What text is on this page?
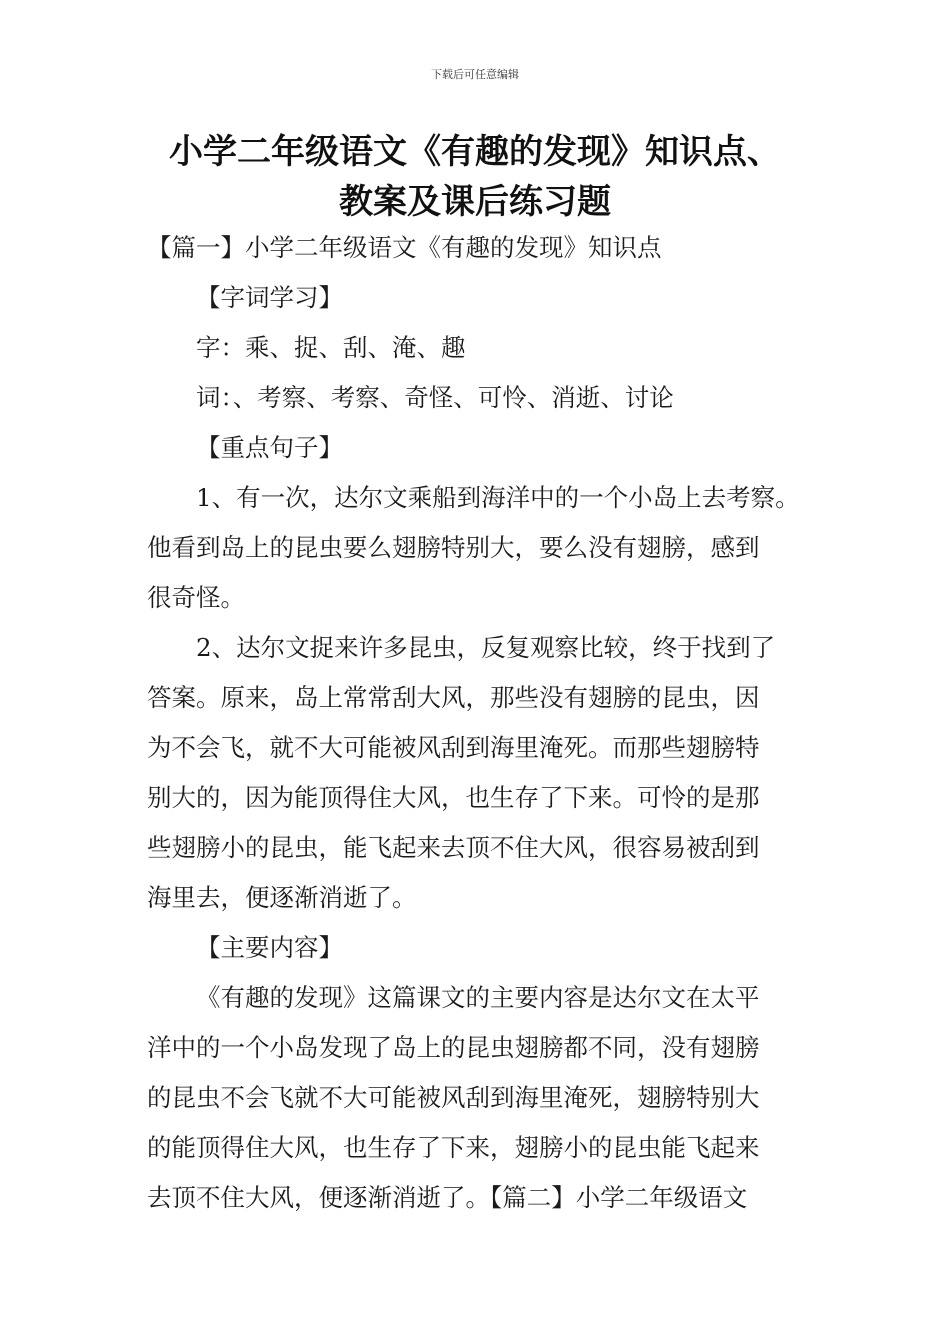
下载后可任意编辑
小学二年级语文《有趣的发现》知识点、
教案及课后练习题
【篇一】小学二年级语文《有趣的发现》知识点
【字词学习】
字：乘、捉、刮、淹、趣
词：、考察、考察、奇怪、可怜、消逝、讨论
【重点句子】
1、有一次，达尔文乘船到海洋中的一个小岛上去考察。
他看到岛上的昆虫要么翅膀特别大，要么没有翅膀，感到
很奇怪。
2、达尔文捉来许多昆虫，反复观察比较，终于找到了
答案。原来，岛上常常刮大风，那些没有翅膀的昆虫，因
为不会飞，就不大可能被风刮到海里淹死。而那些翅膀特
别大的，因为能顶得住大风，也生存了下来。可怜的是那
些翅膀小的昆虫，能飞起来去顶不住大风，很容易被刮到
海里去，便逐渐消逝了。
【主要内容】
《有趣的发现》这篇课文的主要内容是达尔文在太平
洋中的一个小岛发现了岛上的昆虫翅膀都不同，没有翅膀
的昆虫不会飞就不大可能被风刮到海里淹死，翅膀特别大
的能顶得住大风，也生存了下来，翅膀小的昆虫能飞起来
去顶不住大风，便逐渐消逝了。【篇二】小学二年级语文
